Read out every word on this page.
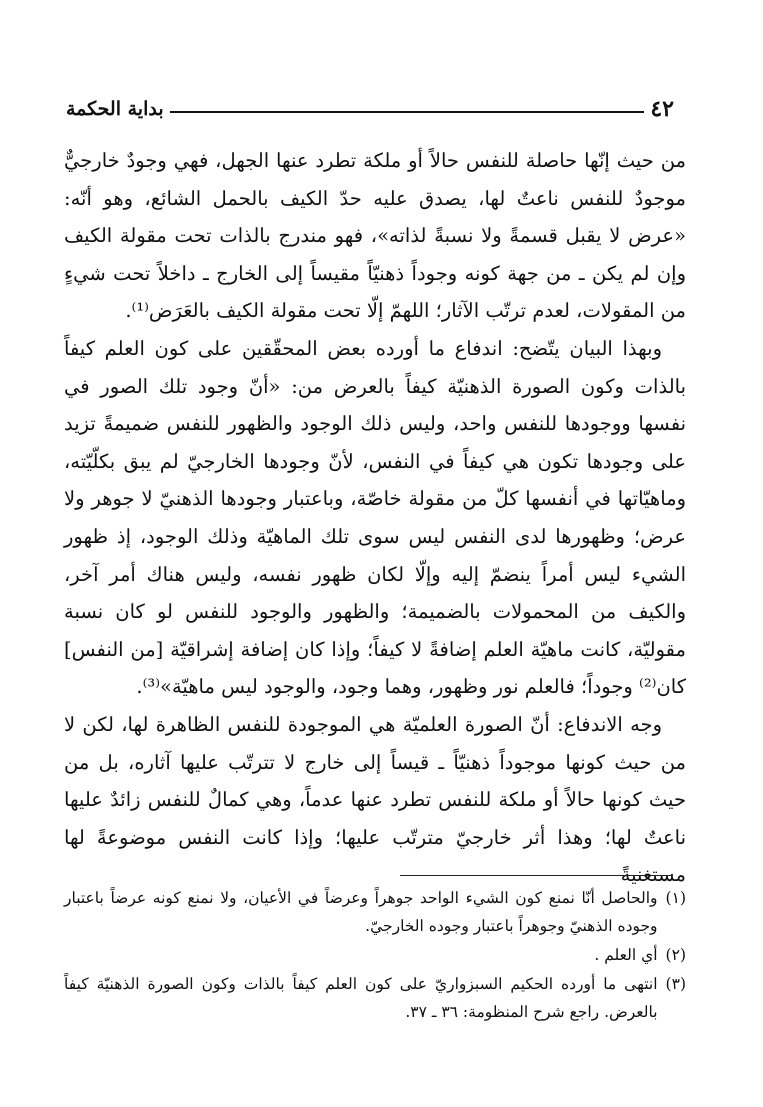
٤٢
بداية الحكمة

من حيث إنّها حاصلة للنفس حالاً أو ملكة تطرد عنها الجهل، فهي وجودٌ خارجيٌّ موجودٌ للنفس ناعتٌ لها، يصدق عليه حدّ الكيف بالحمل الشائع، وهو أنّه: «عرض لا يقبل قسمةً ولا نسبةً لذاته»، فهو مندرج بالذات تحت مقولة الكيف وإن لم يكن ـ من جهة كونه وجوداً ذهنيّاً مقيساً إلى الخارج ـ داخلاً تحت شيءٍ من المقولات، لعدم ترتّب الآثار؛ اللهمّ إلّا تحت مقولة الكيف بالعَرَض⁽¹⁾.

وبهذا البيان يتّضح: اندفاع ما أورده بعض المحقّقين على كون العلم كيفاً بالذات وكون الصورة الذهنيّة كيفاً بالعرض من: «أنّ وجود تلك الصور في نفسها ووجودها للنفس واحد، وليس ذلك الوجود والظهور للنفس ضميمةً تزيد على وجودها تكون هي كيفاً في النفس، لأنّ وجودها الخارجيّ لم يبق بكلّيّته، وماهيّاتها في أنفسها كلّ من مقولة خاصّة، وباعتبار وجودها الذهنيّ لا جوهر ولا عرض؛ وظهورها لدى النفس ليس سوى تلك الماهيّة وذلك الوجود، إذ ظهور الشيء ليس أمراً ينضمّ إليه وإلّا لكان ظهور نفسه، وليس هناك أمر آخر، والكيف من المحمولات بالضميمة؛ والظهور والوجود للنفس لو كان نسبة مقوليّة، كانت ماهيّة العلم إضافةً لا كيفاً؛ وإذا كان إضافة إشراقيّة [من النفس] كان⁽²⁾ وجوداً؛ فالعلم نور وظهور، وهما وجود، والوجود ليس ماهيّة»⁽³⁾.

وجه الاندفاع: أنّ الصورة العلميّة هي الموجودة للنفس الظاهرة لها، لكن لا من حيث كونها موجوداً ذهنيّاً ـ قيساً إلى خارج لا تترتّب عليها آثاره، بل من حيث كونها حالاً أو ملكة للنفس تطرد عنها عدماً، وهي كمالٌ للنفس زائدٌ عليها ناعتٌ لها؛ وهذا أثر خارجيّ مترتّب عليها؛ وإذا كانت النفس موضوعةً لها مستغنيةً

(١)
والحاصل أنّا نمنع كون الشيء الواحد جوهراً وعرضاً في الأعيان، ولا نمنع كونه عرضاً باعتبار وجوده الذهنيّ وجوهراً باعتبار وجوده الخارجيّ.
(٢)
أي العلم .
(٣)
انتهى ما أورده الحكيم السبزواريّ على كون العلم كيفاً بالذات وكون الصورة الذهنيّة كيفاً بالعرض. راجع شرح المنظومة: ٣٦ ـ ٣٧.
